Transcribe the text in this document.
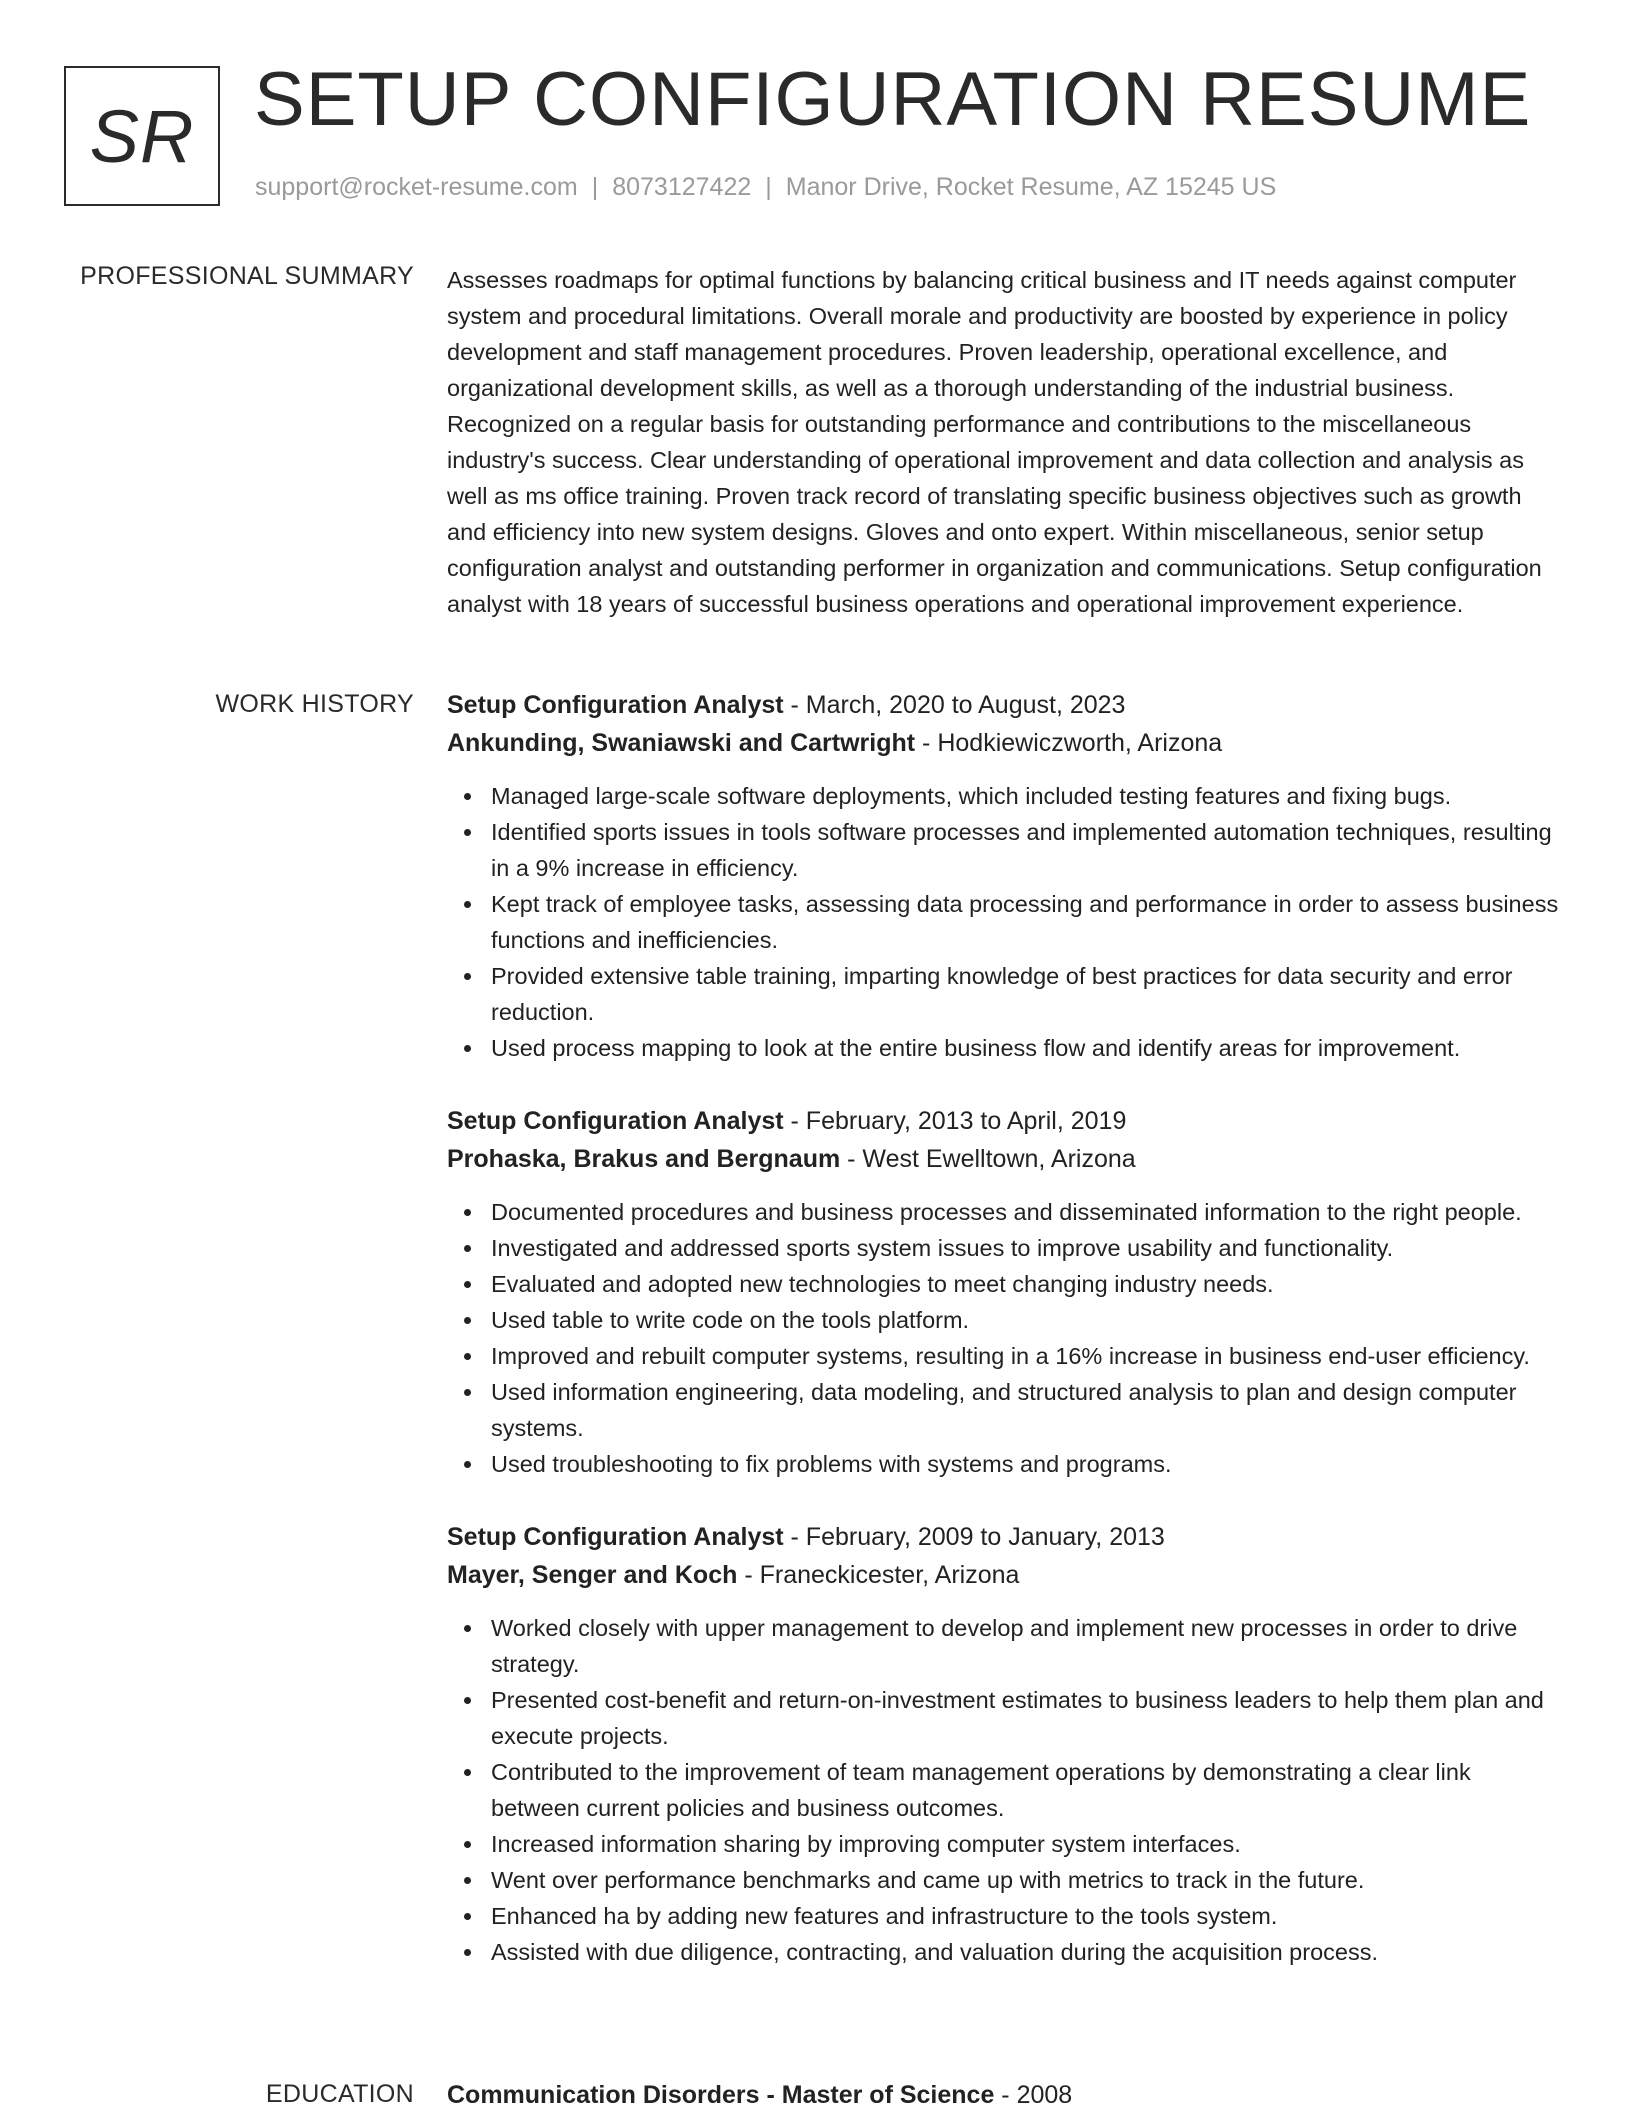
SR SETUP CONFIGURATION RESUME
support@rocket-resume.com | 8073127422 | Manor Drive, Rocket Resume, AZ 15245 US
PROFESSIONAL SUMMARY Assesses roadmaps for optimal functions by balancing critical business and IT needs against computer system and procedural limitations. Overall morale and productivity are boosted by experience in policy development and staff management procedures. Proven leadership, operational excellence, and organizational development skills, as well as a thorough understanding of the industrial business. Recognized on a regular basis for outstanding performance and contributions to the miscellaneous industry's success. Clear understanding of operational improvement and data collection and analysis as well as ms office training. Proven track record of translating specific business objectives such as growth and efficiency into new system designs. Gloves and onto expert. Within miscellaneous, senior setup configuration analyst and outstanding performer in organization and communications. Setup configuration analyst with 18 years of successful business operations and operational improvement experience.

WORK HISTORY Setup Configuration Analyst - March, 2020 to August, 2023
Ankunding, Swaniawski and Cartwright - Hodkiewiczworth, Arizona
Managed large-scale software deployments, which included testing features and fixing bugs.
Identified sports issues in tools software processes and implemented automation techniques, resulting in a 9% increase in efficiency.
Kept track of employee tasks, assessing data processing and performance in order to assess business functions and inefficiencies.
Provided extensive table training, imparting knowledge of best practices for data security and error reduction.
Used process mapping to look at the entire business flow and identify areas for improvement.
Setup Configuration Analyst - February, 2013 to April, 2019
Prohaska, Brakus and Bergnaum - West Ewelltown, Arizona
Documented procedures and business processes and disseminated information to the right people.
Investigated and addressed sports system issues to improve usability and functionality.
Evaluated and adopted new technologies to meet changing industry needs.
Used table to write code on the tools platform.
Improved and rebuilt computer systems, resulting in a 16% increase in business end-user efficiency.
Used information engineering, data modeling, and structured analysis to plan and design computer systems.
Used troubleshooting to fix problems with systems and programs.
Setup Configuration Analyst - February, 2009 to January, 2013
Mayer, Senger and Koch - Franeckicester, Arizona
Worked closely with upper management to develop and implement new processes in order to drive strategy.
Presented cost-benefit and return-on-investment estimates to business leaders to help them plan and execute projects.
Contributed to the improvement of team management operations by demonstrating a clear link between current policies and business outcomes.
Increased information sharing by improving computer system interfaces.
Went over performance benchmarks and came up with metrics to track in the future.
Enhanced ha by adding new features and infrastructure to the tools system.
Assisted with due diligence, contracting, and valuation during the acquisition process.
EDUCATION Communication Disorders - Master of Science - 2008
